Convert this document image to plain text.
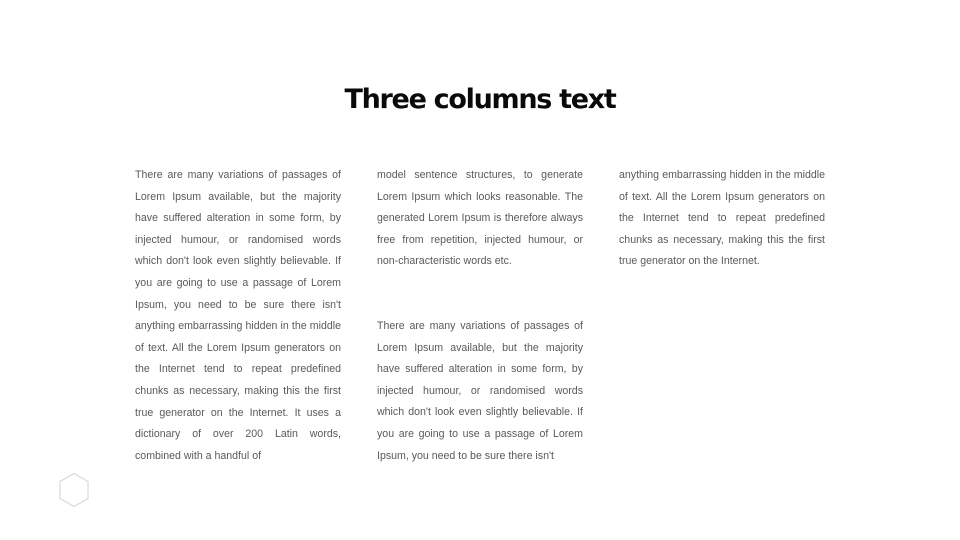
Three columns text

There are many variations of passages of Lorem Ipsum available, but the majority have suffered alteration in some form, by injected humour, or randomised words which don't look even slightly believable. If you are going to use a passage of Lorem Ipsum, you need to be sure there isn't anything embarrassing hidden in the middle of text. All the Lorem Ipsum generators on the Internet tend to repeat predefined chunks as necessary, making this the first true generator on the Internet. It uses a dictionary of over 200 Latin words, combined with a handful of

model sentence structures, to generate Lorem Ipsum which looks reasonable. The generated Lorem Ipsum is therefore always free from repetition, injected humour, or non-characteristic words etc.

There are many variations of passages of Lorem Ipsum available, but the majority have suffered alteration in some form, by injected humour, or randomised words which don't look even slightly believable. If you are going to use a passage of Lorem Ipsum, you need to be sure there isn't

anything embarrassing hidden in the middle of text. All the Lorem Ipsum generators on the Internet tend to repeat predefined chunks as necessary, making this the first true generator on the Internet.
